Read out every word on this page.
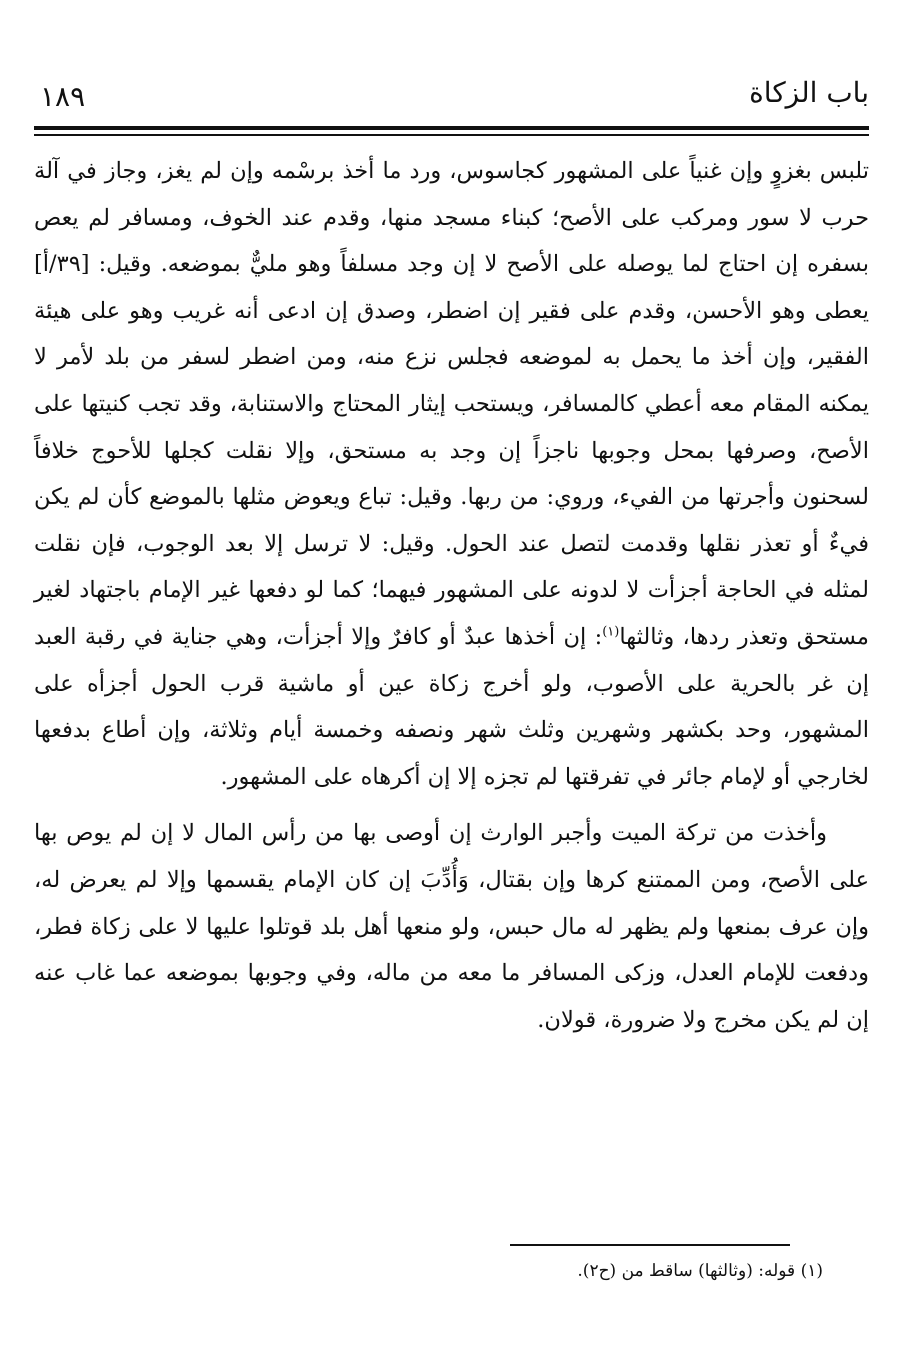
باب الزكاة
١٨٩

تلبس بغزوٍ وإن غنياً على المشهور كجاسوس، ورد ما أخذ برسْمه وإن لم يغز، وجاز في آلة حرب لا سور ومركب على الأصح؛ كبناء مسجد منها، وقدم عند الخوف، ومسافر لم يعص بسفره إن احتاج لما يوصله على الأصح لا إن وجد مسلفاً وهو مليٌّ بموضعه. وقيل: [٣٩/أ] يعطى وهو الأحسن، وقدم على فقير إن اضطر، وصدق إن ادعى أنه غريب وهو على هيئة الفقير، وإن أخذ ما يحمل به لموضعه فجلس نزع منه، ومن اضطر لسفر من بلد لأمر لا يمكنه المقام معه أعطي كالمسافر، ويستحب إيثار المحتاج والاستنابة، وقد تجب كنيتها على الأصح، وصرفها بمحل وجوبها ناجزاً إن وجد به مستحق، وإلا نقلت كجلها للأحوج خلافاً لسحنون وأجرتها من الفيء، وروي: من ربها. وقيل: تباع ويعوض مثلها بالموضع كأن لم يكن فيءٌ أو تعذر نقلها وقدمت لتصل عند الحول. وقيل: لا ترسل إلا بعد الوجوب، فإن نقلت لمثله في الحاجة أجزأت لا لدونه على المشهور فيهما؛ كما لو دفعها غير الإمام باجتهاد لغير مستحق وتعذر ردها، وثالثها$^{(١)}$: إن أخذها عبدٌ أو كافرٌ وإلا أجزأت، وهي جناية في رقبة العبد إن غر بالحرية على الأصوب، ولو أخرج زكاة عين أو ماشية قرب الحول أجزأه على المشهور، وحد بكشهر وشهرين وثلث شهر ونصفه وخمسة أيام وثلاثة، وإن أطاع بدفعها لخارجي أو لإمام جائر في تفرقتها لم تجزه إلا إن أكرهاه على المشهور.

وأخذت من تركة الميت وأجبر الوارث إن أوصى بها من رأس المال لا إن لم يوص بها على الأصح، ومن الممتنع كرها وإن بقتال، وَأُدِّبَ إن كان الإمام يقسمها وإلا لم يعرض له، وإن عرف بمنعها ولم يظهر له مال حبس، ولو منعها أهل بلد قوتلوا عليها لا على زكاة فطر، ودفعت للإمام العدل، وزكى المسافر ما معه من ماله، وفي وجوبها بموضعه عما غاب عنه إن لم يكن مخرج ولا ضرورة، قولان.

(١) قوله: (وثالثها) ساقط من (ح٢).
